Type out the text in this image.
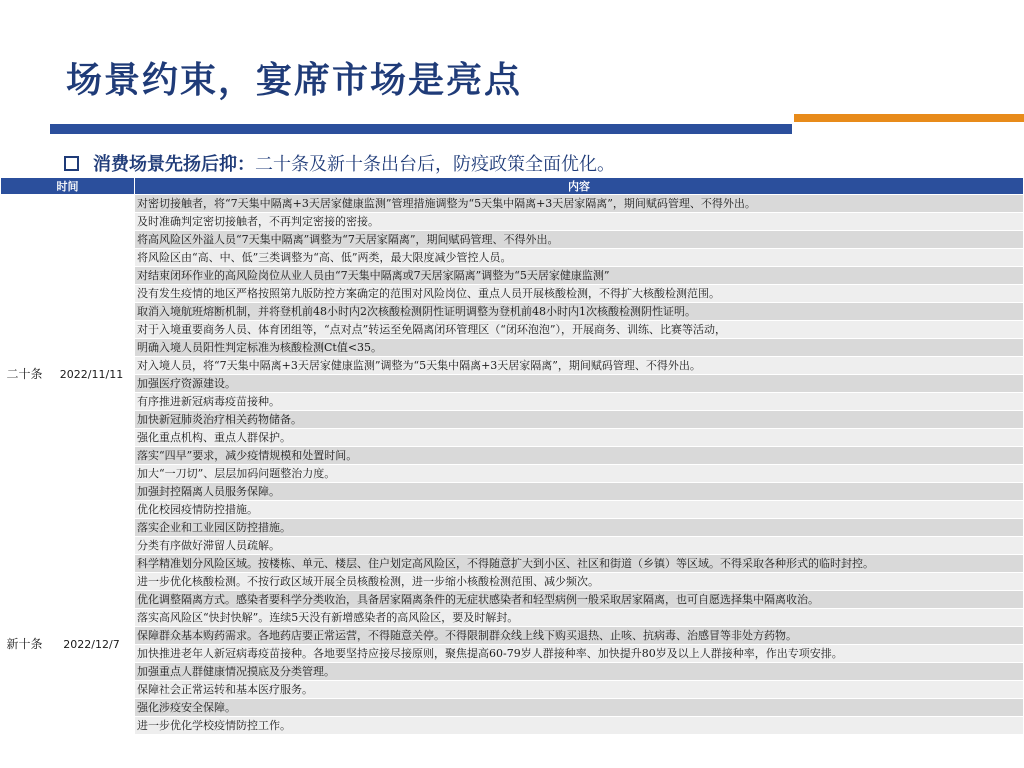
场景约束，宴席市场是亮点
消费场景先扬后抑： 二十条及新十条出台后，防疫政策全面优化。
时间		内容
二十条	2022/11/11	对密切接触者，将“7天集中隔离+3天居家健康监测”管理措施调整为“5天集中隔离+3天居家隔离”，期间赋码管理、不得外出。
		及时准确判定密切接触者，不再判定密接的密接。
		将高风险区外溢人员“7天集中隔离”调整为“7天居家隔离”，期间赋码管理、不得外出。
		将风险区由“高、中、低”三类调整为“高、低”两类，最大限度减少管控人员。
		对结束闭环作业的高风险岗位从业人员由“7天集中隔离或7天居家隔离”调整为“5天居家健康监测”
		没有发生疫情的地区严格按照第九版防控方案确定的范围对风险岗位、重点人员开展核酸检测，不得扩大核酸检测范围。
		取消入境航班熔断机制，并将登机前48小时内2次核酸检测阴性证明调整为登机前48小时内1次核酸检测阴性证明。
		对于入境重要商务人员、体育团组等，“点对点”转运至免隔离闭环管理区（“闭环泡泡”），开展商务、训练、比赛等活动，
		明确入境人员阳性判定标准为核酸检测Ct值<35。
		对入境人员，将“7天集中隔离+3天居家健康监测”调整为“5天集中隔离+3天居家隔离”，期间赋码管理、不得外出。
		加强医疗资源建设。
		有序推进新冠病毒疫苗接种。
		加快新冠肺炎治疗相关药物储备。
		强化重点机构、重点人群保护。
		落实“四早”要求，减少疫情规模和处置时间。
		加大“一刀切”、层层加码问题整治力度。
		加强封控隔离人员服务保障。
		优化校园疫情防控措施。
		落实企业和工业园区防控措施。
		分类有序做好滞留人员疏解。
新十条	2022/12/7	科学精准划分风险区域。按楼栋、单元、楼层、住户划定高风险区，不得随意扩大到小区、社区和街道（乡镇）等区域。不得采取各种形式的临时封控。
		进一步优化核酸检测。不按行政区域开展全员核酸检测，进一步缩小核酸检测范围、减少频次。
		优化调整隔离方式。感染者要科学分类收治，具备居家隔离条件的无症状感染者和轻型病例一般采取居家隔离，也可自愿选择集中隔离收治。
		落实高风险区“快封快解”。连续5天没有新增感染者的高风险区，要及时解封。
		保障群众基本购药需求。各地药店要正常运营，不得随意关停。不得限制群众线上线下购买退热、止咳、抗病毒、治感冒等非处方药物。
		加快推进老年人新冠病毒疫苗接种。各地要坚持应接尽接原则，聚焦提高60-79岁人群接种率、加快提升80岁及以上人群接种率，作出专项安排。
		加强重点人群健康情况摸底及分类管理。
		保障社会正常运转和基本医疗服务。
		强化涉疫安全保障。
		进一步优化学校疫情防控工作。
